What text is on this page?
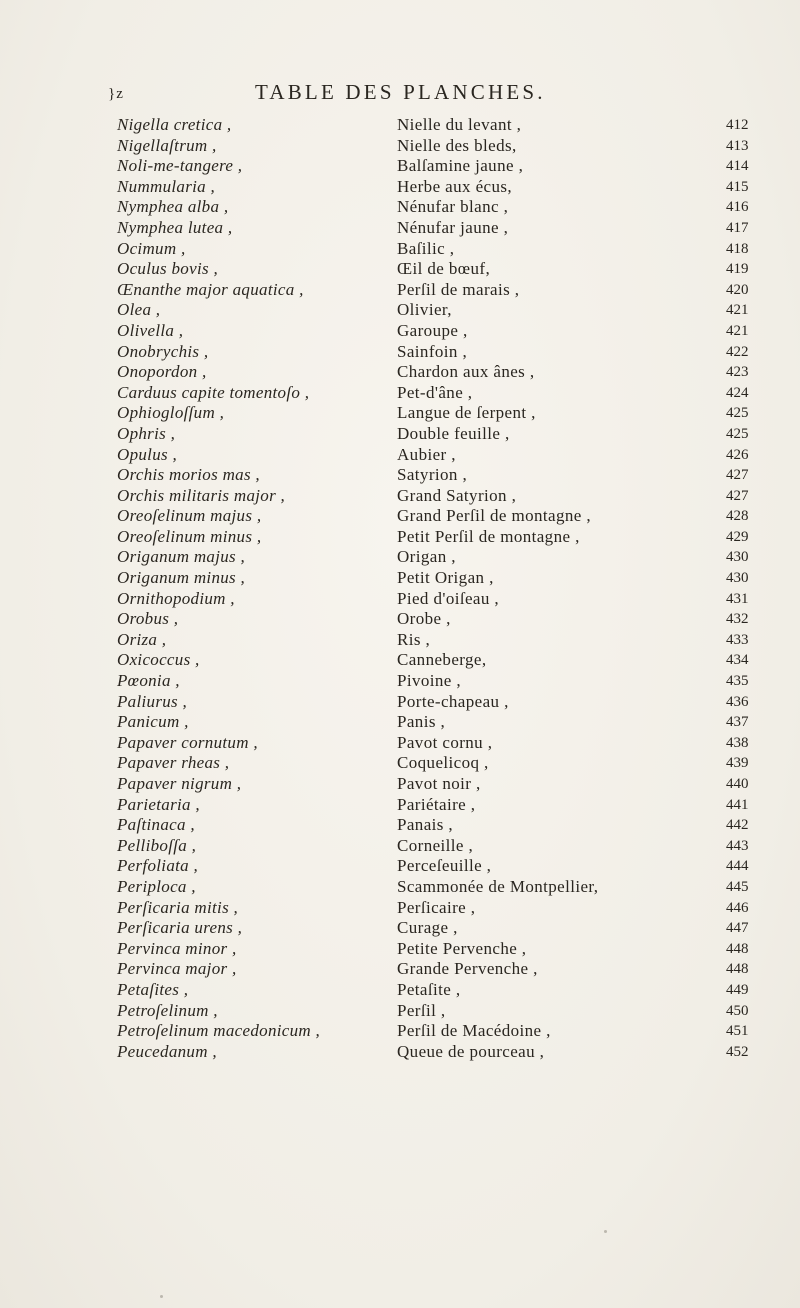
}z	TABLE DES PLANCHES.
Nigella cretica ,	Nielle du levant ,	412
Nigellaſtrum ,	Nielle des bleds,	413
Noli-me-tangere ,	Balſamine jaune ,	414
Nummularia ,	Herbe aux écus,	415
Nymphea alba ,	Nénufar blanc ,	416
Nymphea lutea ,	Nénufar jaune ,	417
Ocimum ,	Baſilic ,	418
Oculus bovis ,	Œil de bœuf,	419
Œnanthe major aquatica ,	Perſil de marais ,	420
Olea ,	Olivier,	421
Olivella ,	Garoupe ,	421
Onobrychis ,	Sainfoin ,	422
Onopordon ,	Chardon aux ânes ,	423
Carduus capite tomentoſo ,	Pet-d'âne ,	424
Ophiogloſſum ,	Langue de ſerpent ,	425
Ophris ,	Double feuille ,	425
Opulus ,	Aubier ,	426
Orchis morios mas ,	Satyrion ,	427
Orchis militaris major ,	Grand Satyrion ,	427
Oreoſelinum majus ,	Grand Perſil de montagne ,	428
Oreoſelinum minus ,	Petit Perſil de montagne ,	429
Origanum majus ,	Origan ,	430
Origanum minus ,	Petit Origan ,	430
Ornithopodium ,	Pied d'oiſeau ,	431
Orobus ,	Orobe ,	432
Oriza ,	Ris ,	433
Oxicoccus ,	Canneberge,	434
Pœonia ,	Pivoine ,	435
Paliurus ,	Porte-chapeau ,	436
Panicum ,	Panis ,	437
Papaver cornutum ,	Pavot cornu ,	438
Papaver rheas ,	Coquelicoq ,	439
Papaver nigrum ,	Pavot noir ,	440
Parietaria ,	Pariétaire ,	441
Paſtinaca ,	Panais ,	442
Pelliboſſa ,	Corneille ,	443
Perfoliata ,	Perceſeuille ,	444
Periploca ,	Scammonée de Montpellier,	445
Perſicaria mitis ,	Perſicaire ,	446
Perſicaria urens ,	Curage ,	447
Pervinca minor ,	Petite Pervenche ,	448
Pervinca major ,	Grande Pervenche ,	448
Petaſites ,	Petaſite ,	449
Petroſelinum ,	Perſil ,	450
Petroſelinum macedonicum ,	Perſil de Macédoine ,	451
Peucedanum ,	Queue de pourceau ,	452
